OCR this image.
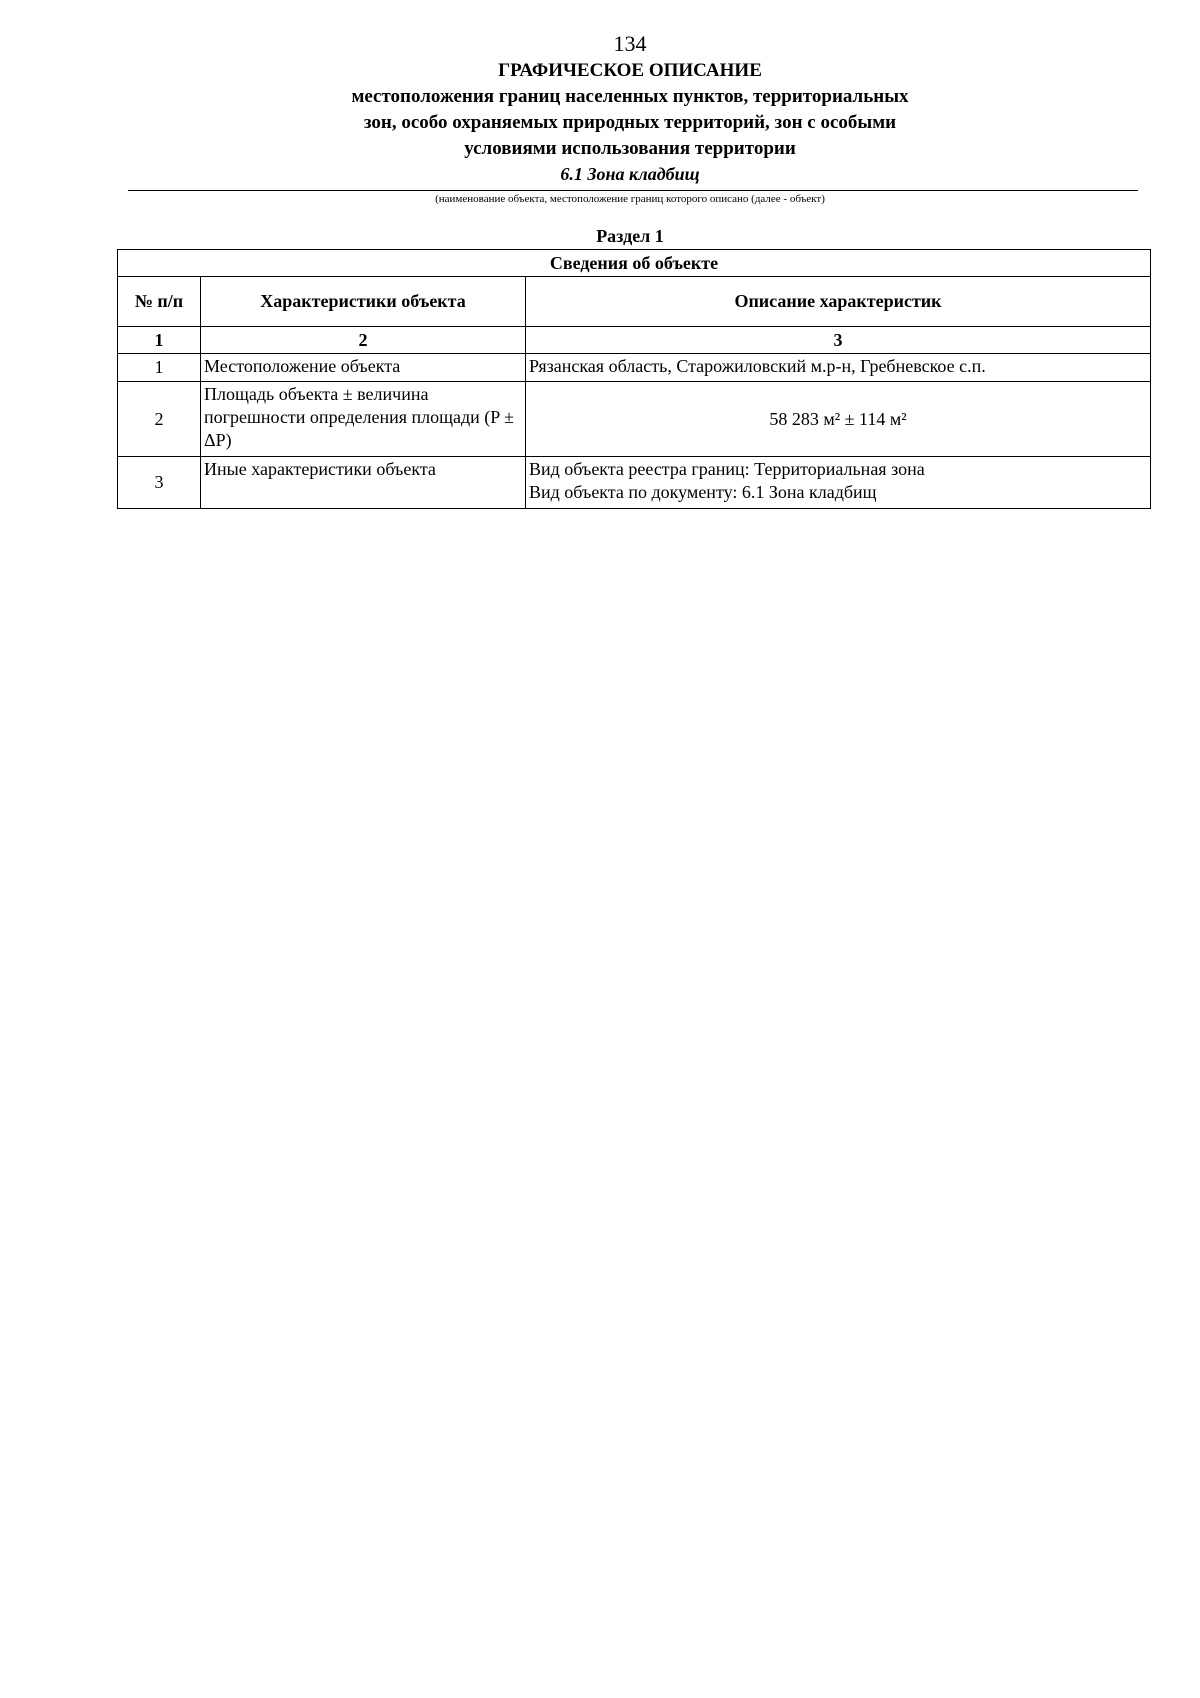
134
ГРАФИЧЕСКОЕ ОПИСАНИЕ
местоположения границ населенных пунктов, территориальных
зон, особо охраняемых природных территорий, зон с особыми
условиями использования территории
6.1 Зона кладбищ
(наименование объекта, местоположение границ которого описано (далее - объект)
Раздел 1
Сведения об объекте		
№ п/п	Характеристики объекта	Описание характеристик
1	2	3
1	Местоположение объекта	Рязанская область, Старожиловский м.р-н, Гребневское с.п.
2	Площадь объекта ± величина погрешности определения площади (P ± ΔP)	58 283 м² ± 114 м²
3	Иные характеристики объекта	Вид объекта реестра границ: Территориальная зона
Вид объекта по документу: 6.1 Зона кладбищ
